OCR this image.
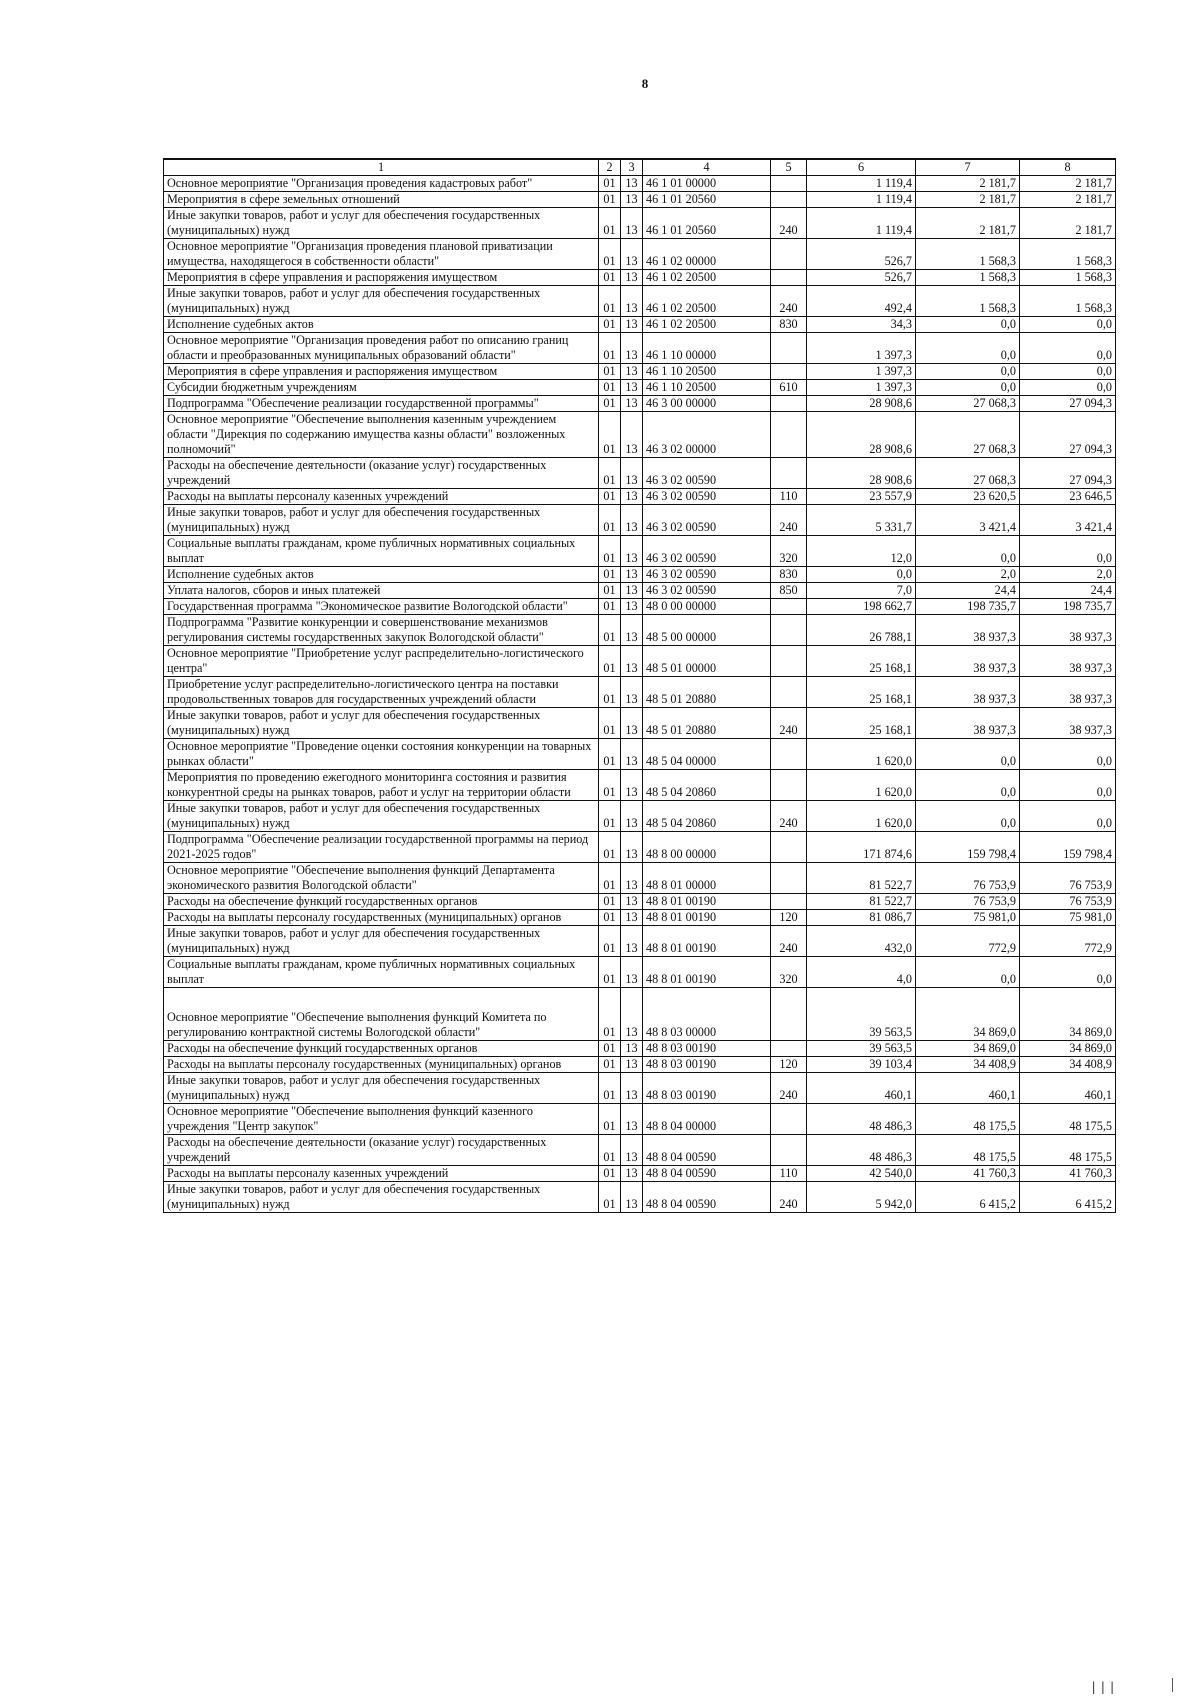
8
1	2	3	4	5	6	7	8
Основное мероприятие "Организация проведения кадастровых работ"	01	13	46 1 01 00000		1 119,4	2 181,7	2 181,7
Мероприятия в сфере земельных отношений	01	13	46 1 01 20560		1 119,4	2 181,7	2 181,7
Иные закупки товаров, работ и услуг для обеспечения государственных (муниципальных) нужд	01	13	46 1 01 20560	240	1 119,4	2 181,7	2 181,7
Основное мероприятие "Организация проведения плановой приватизации имущества, находящегося в собственности области"	01	13	46 1 02 00000		526,7	1 568,3	1 568,3
Мероприятия в сфере управления и распоряжения имуществом	01	13	46 1 02 20500		526,7	1 568,3	1 568,3
Иные закупки товаров, работ и услуг для обеспечения государственных (муниципальных) нужд	01	13	46 1 02 20500	240	492,4	1 568,3	1 568,3
Исполнение судебных актов	01	13	46 1 02 20500	830	34,3	0,0	0,0
Основное мероприятие "Организация проведения работ по описанию границ области и преобразованных муниципальных образований области"	01	13	46 1 10 00000		1 397,3	0,0	0,0
Мероприятия в сфере управления и распоряжения имуществом	01	13	46 1 10 20500		1 397,3	0,0	0,0
Субсидии бюджетным учреждениям	01	13	46 1 10 20500	610	1 397,3	0,0	0,0
Подпрограмма "Обеспечение реализации государственной программы"	01	13	46 3 00 00000		28 908,6	27 068,3	27 094,3
Основное мероприятие "Обеспечение выполнения казенным учреждением области "Дирекция по содержанию имущества казны области" возложенных полномочий"	01	13	46 3 02 00000		28 908,6	27 068,3	27 094,3
Расходы на обеспечение деятельности (оказание услуг) государственных учреждений	01	13	46 3 02 00590		28 908,6	27 068,3	27 094,3
Расходы на выплаты персоналу казенных учреждений	01	13	46 3 02 00590	110	23 557,9	23 620,5	23 646,5
Иные закупки товаров, работ и услуг для обеспечения государственных (муниципальных) нужд	01	13	46 3 02 00590	240	5 331,7	3 421,4	3 421,4
Социальные выплаты гражданам, кроме публичных нормативных социальных выплат	01	13	46 3 02 00590	320	12,0	0,0	0,0
Исполнение судебных актов	01	13	46 3 02 00590	830	0,0	2,0	2,0
Уплата налогов, сборов и иных платежей	01	13	46 3 02 00590	850	7,0	24,4	24,4
Государственная программа "Экономическое развитие Вологодской области"	01	13	48 0 00 00000		198 662,7	198 735,7	198 735,7
Подпрограмма "Развитие конкуренции и совершенствование механизмов регулирования системы государственных закупок Вологодской области"	01	13	48 5 00 00000		26 788,1	38 937,3	38 937,3
Основное мероприятие "Приобретение услуг распределительно-логистического центра"	01	13	48 5 01 00000		25 168,1	38 937,3	38 937,3
Приобретение услуг распределительно-логистического центра на поставки продовольственных товаров для государственных учреждений области	01	13	48 5 01 20880		25 168,1	38 937,3	38 937,3
Иные закупки товаров, работ и услуг для обеспечения государственных (муниципальных) нужд	01	13	48 5 01 20880	240	25 168,1	38 937,3	38 937,3
Основное мероприятие "Проведение оценки состояния конкуренции на товарных рынках области"	01	13	48 5 04 00000		1 620,0	0,0	0,0
Мероприятия по проведению ежегодного мониторинга состояния и развития конкурентной среды на рынках товаров, работ и услуг на территории области	01	13	48 5 04 20860		1 620,0	0,0	0,0
Иные закупки товаров, работ и услуг для обеспечения государственных (муниципальных) нужд	01	13	48 5 04 20860	240	1 620,0	0,0	0,0
Подпрограмма "Обеспечение реализации государственной программы на период 2021-2025 годов"	01	13	48 8 00 00000		171 874,6	159 798,4	159 798,4
Основное мероприятие "Обеспечение выполнения функций Департамента экономического развития Вологодской области"	01	13	48 8 01 00000		81 522,7	76 753,9	76 753,9
Расходы на обеспечение функций государственных органов	01	13	48 8 01 00190		81 522,7	76 753,9	76 753,9
Расходы на выплаты персоналу государственных (муниципальных) органов	01	13	48 8 01 00190	120	81 086,7	75 981,0	75 981,0
Иные закупки товаров, работ и услуг для обеспечения государственных (муниципальных) нужд	01	13	48 8 01 00190	240	432,0	772,9	772,9
Социальные выплаты гражданам, кроме публичных нормативных социальных выплат	01	13	48 8 01 00190	320	4,0	0,0	0,0

Основное мероприятие "Обеспечение выполнения функций Комитета по регулированию контрактной системы Вологодской области"	01	13	48 8 03 00000		39 563,5	34 869,0	34 869,0
Расходы на обеспечение функций государственных органов	01	13	48 8 03 00190		39 563,5	34 869,0	34 869,0
Расходы на выплаты персоналу государственных (муниципальных) органов	01	13	48 8 03 00190	120	39 103,4	34 408,9	34 408,9
Иные закупки товаров, работ и услуг для обеспечения государственных (муниципальных) нужд	01	13	48 8 03 00190	240	460,1	460,1	460,1
Основное мероприятие "Обеспечение выполнения функций казенного учреждения "Центр закупок"	01	13	48 8 04 00000		48 486,3	48 175,5	48 175,5
Расходы на обеспечение деятельности (оказание услуг) государственных учреждений	01	13	48 8 04 00590		48 486,3	48 175,5	48 175,5
Расходы на выплаты персоналу казенных учреждений	01	13	48 8 04 00590	110	42 540,0	41 760,3	41 760,3
Иные закупки товаров, работ и услуг для обеспечения государственных (муниципальных) нужд	01	13	48 8 04 00590	240	5 942,0	6 415,2	6 415,2
|||
